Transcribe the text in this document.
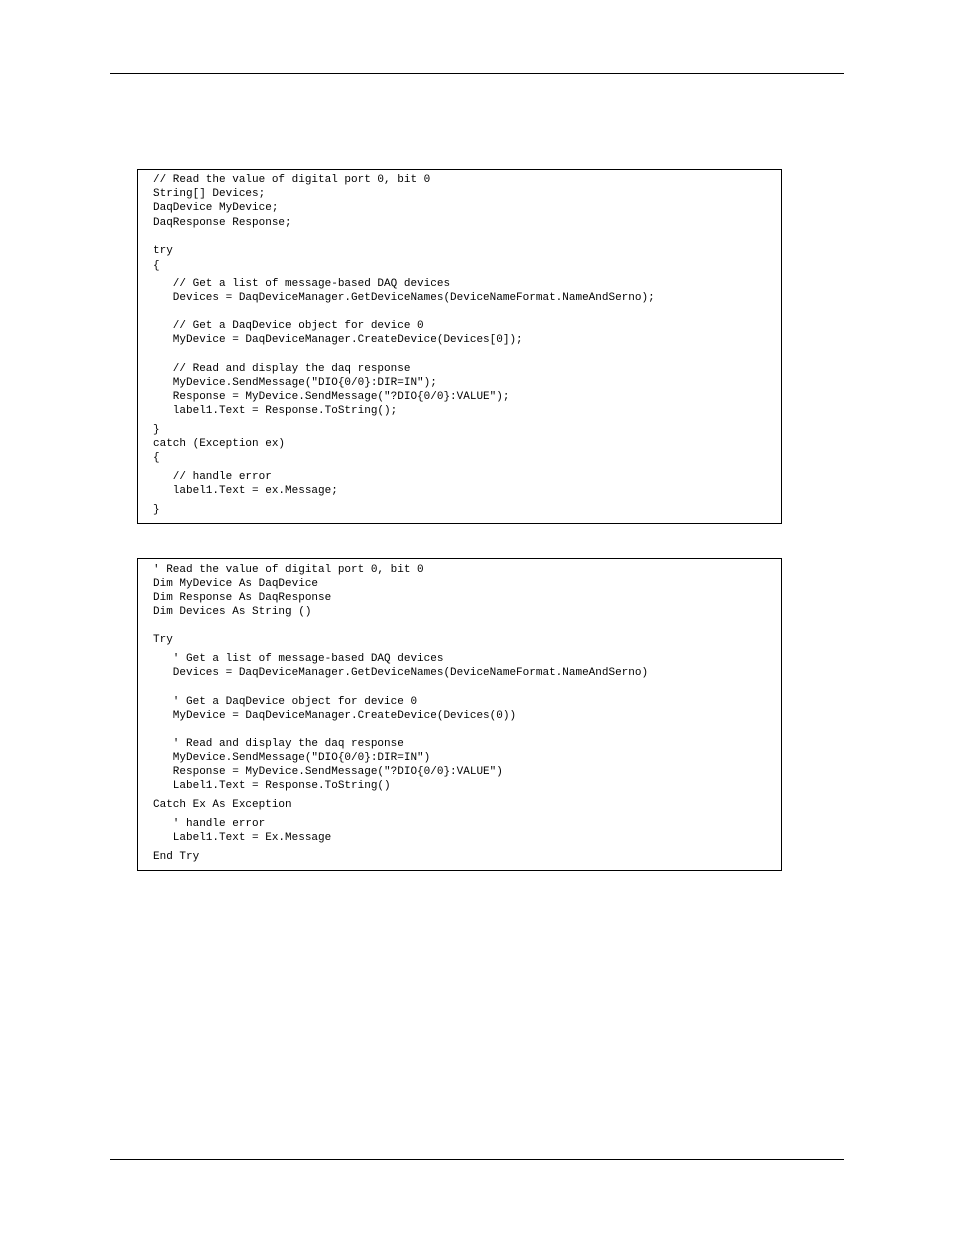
// Read the value of digital port 0, bit 0
String[] Devices;
DaqDevice MyDevice;
DaqResponse Response;
try
{
// Get a list of message-based DAQ devices
Devices = DaqDeviceManager.GetDeviceNames(DeviceNameFormat.NameAndSerno);
// Get a DaqDevice object for device 0
MyDevice = DaqDeviceManager.CreateDevice(Devices[0]);
// Read and display the daq response
MyDevice.SendMessage("DIO{0/0}:DIR=IN");
Response = MyDevice.SendMessage("?DIO{0/0}:VALUE");
label1.Text = Response.ToString();
}
catch (Exception ex)
{
// handle error
label1.Text = ex.Message;
}
' Read the value of digital port 0, bit 0
Dim MyDevice As DaqDevice
Dim Response As DaqResponse
Dim Devices As String ()
Try
' Get a list of message-based DAQ devices
Devices = DaqDeviceManager.GetDeviceNames(DeviceNameFormat.NameAndSerno)
' Get a DaqDevice object for device 0
MyDevice = DaqDeviceManager.CreateDevice(Devices(0))
' Read and display the daq response
MyDevice.SendMessage("DIO{0/0}:DIR=IN")
Response = MyDevice.SendMessage("?DIO{0/0}:VALUE")
Label1.Text = Response.ToString()
Catch Ex As Exception
' handle error
Label1.Text = Ex.Message
End Try
